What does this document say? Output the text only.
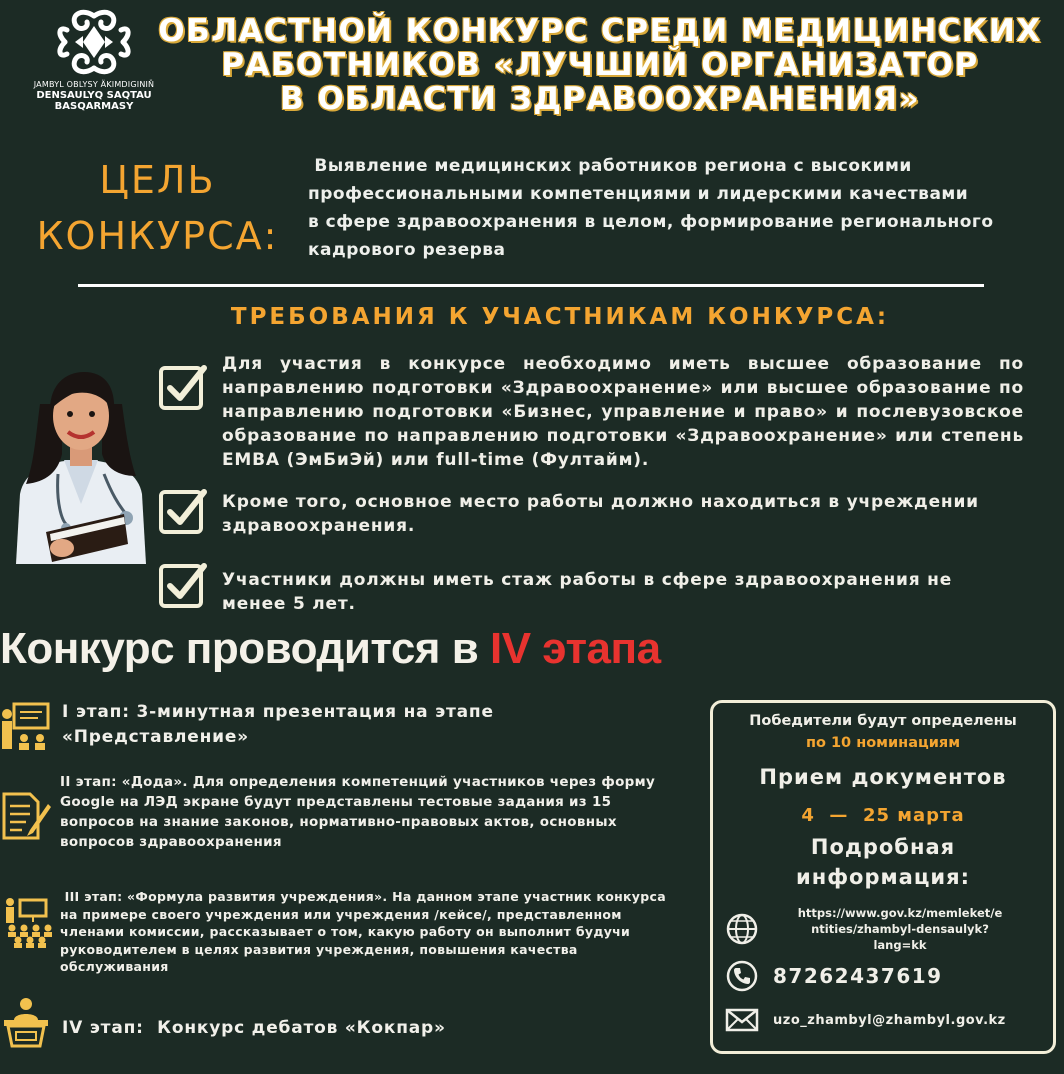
JAMBYL OBLYSY ÄKIMDIGINIŇ
DENSAULYQ SAQTAU
BASQARMASY
ОБЛАСТНОЙ КОНКУРС СРЕДИ МЕДИЦИНСКИХ
РАБОТНИКОВ «ЛУЧШИЙ ОРГАНИЗАТОР
В ОБЛАСТИ ЗДРАВООХРАНЕНИЯ»
ЦЕЛЬ
КОНКУРСА:
Выявление медицинских работников региона с высокими
профессиональными компетенциями и лидерскими качествами
в сфере здравоохранения в целом, формирование регионального
кадрового резерва
ТРЕБОВАНИЯ К УЧАСТНИКАМ КОНКУРСА:
Для участия в конкурсе необходимо иметь высшее образование по
направлению подготовки «Здравоохранение» или высшее образование по
направлению подготовки «Бизнес, управление и право» и послевузовское
образование по направлению подготовки «Здравоохранение» или степень
EMBA (ЭмБиЭй) или full-time (Фултайм).
Кроме того, основное место работы должно находиться в учреждении
здравоохранения.
Участники должны иметь стаж работы в сфере здравоохранения не
менее 5 лет.
Конкурс проводится в IV этапа
I этап: 3-минутная презентация на этапе
«Представление»
II этап: «Дода». Для определения компетенций участников через форму
Google на ЛЭД экране будут представлены тестовые задания из 15
вопросов на знание законов, нормативно-правовых актов, основных
вопросов здравоохранения
III этап: «Формула развития учреждения». На данном этапе участник конкурса
на примере своего учреждения или учреждения /кейсе/, представленном
членами комиссии, рассказывает о том, какую работу он выполнит будучи
руководителем в целях развития учреждения, повышения качества
обслуживания
IV этап:  Конкурс дебатов «Кокпар»
Победители будут определены
по 10 номинациям
Прием документов
4  —  25 марта
Подробная
информация:
https://www.gov.kz/memleket/e
ntities/zhambyl-densaulyk?
lang=kk
87262437619
uzo_zhambyl@zhambyl.gov.kz
